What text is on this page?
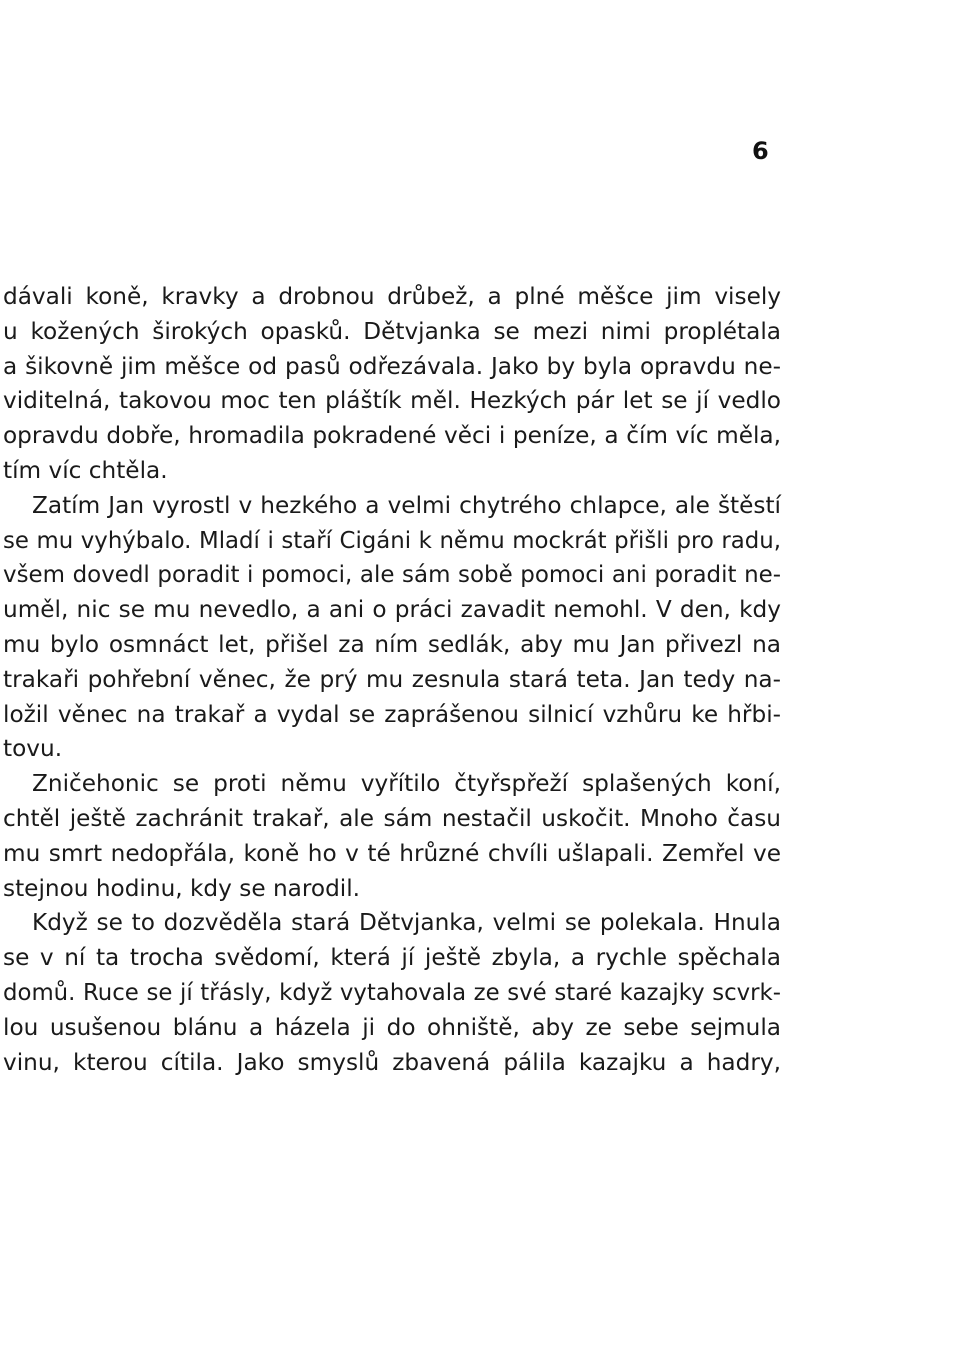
6
dávali koně, kravky a drobnou drůbež, a plné měšce jim visely
u kožených širokých opasků. Dětvjanka se mezi nimi proplétala
a šikovně jim měšce od pasů odřezávala. Jako by byla opravdu ne-
viditelná, takovou moc ten pláštík měl. Hezkých pár let se jí vedlo
opravdu dobře, hromadila pokradené věci i peníze, a čím víc měla,
tím víc chtěla.
Zatím Jan vyrostl v hezkého a velmi chytrého chlapce, ale štěstí
se mu vyhýbalo. Mladí i staří Cigáni k němu mockrát přišli pro radu,
všem dovedl poradit i pomoci, ale sám sobě pomoci ani poradit ne-
uměl, nic se mu nevedlo, a ani o práci zavadit nemohl. V den, kdy
mu bylo osmnáct let, přišel za ním sedlák, aby mu Jan přivezl na
trakaři pohřební věnec, že prý mu zesnula stará teta. Jan tedy na-
ložil věnec na trakař a vydal se zaprášenou silnicí vzhůru ke hřbi-
tovu.
Zničehonic se proti němu vyřítilo čtyřspřeží splašených koní,
chtěl ještě zachránit trakař, ale sám nestačil uskočit. Mnoho času
mu smrt nedopřála, koně ho v té hrůzné chvíli ušlapali. Zemřel ve
stejnou hodinu, kdy se narodil.
Když se to dozvěděla stará Dětvjanka, velmi se polekala. Hnula
se v ní ta trocha svědomí, která jí ještě zbyla, a rychle spěchala
domů. Ruce se jí třásly, když vytahovala ze své staré kazajky scvrk-
lou usušenou blánu a házela ji do ohniště, aby ze sebe sejmula
vinu, kterou cítila. Jako smyslů zbavená pálila kazajku a hadry,
